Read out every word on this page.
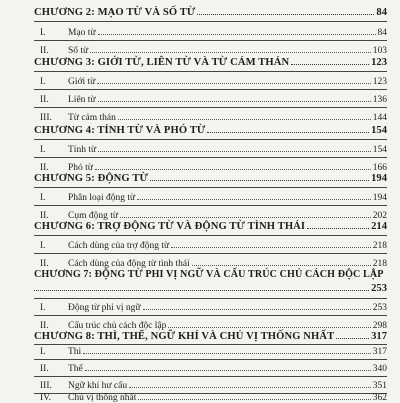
CHƯƠNG 2: MẠO TỪ VÀ SỐ TỪ	84
I.	Mạo từ	84
II.	Số từ	103
CHƯƠNG 3: GIỚI TỪ, LIÊN TỪ VÀ TỪ CẢM THÁN	123
I.	Giới từ	123
II.	Liên từ	136
III.	Từ cảm thán	144
CHƯƠNG 4: TÍNH TỪ VÀ PHÓ TỪ	154
I.	Tính từ	154
II.	Phó từ	166
CHƯƠNG 5: ĐỘNG TỪ	194
I.	Phân loại động từ	194
II.	Cụm động từ	202
CHƯƠNG 6: TRỢ ĐỘNG TỪ VÀ ĐỘNG TỪ TÌNH THÁI	214
I.	Cách dùng của trợ động từ	218
II.	Cách dùng của động từ tình thái	218
CHƯƠNG 7: ĐỘNG TỪ PHI VỊ NGỮ VÀ CẤU TRÚC CHỦ CÁCH ĐỘC LẬP
253
I.	Động từ phi vị ngữ	253
II.	Cấu trúc chủ cách độc lập	298
CHƯƠNG 8: THÌ, THỂ, NGỮ KHÍ VÀ CHỦ VỊ THỐNG NHẤT	317
I.	Thì	317
II.	Thể	340
III.	Ngữ khí hư cấu	351
IV.	Chủ vị thống nhất	362
